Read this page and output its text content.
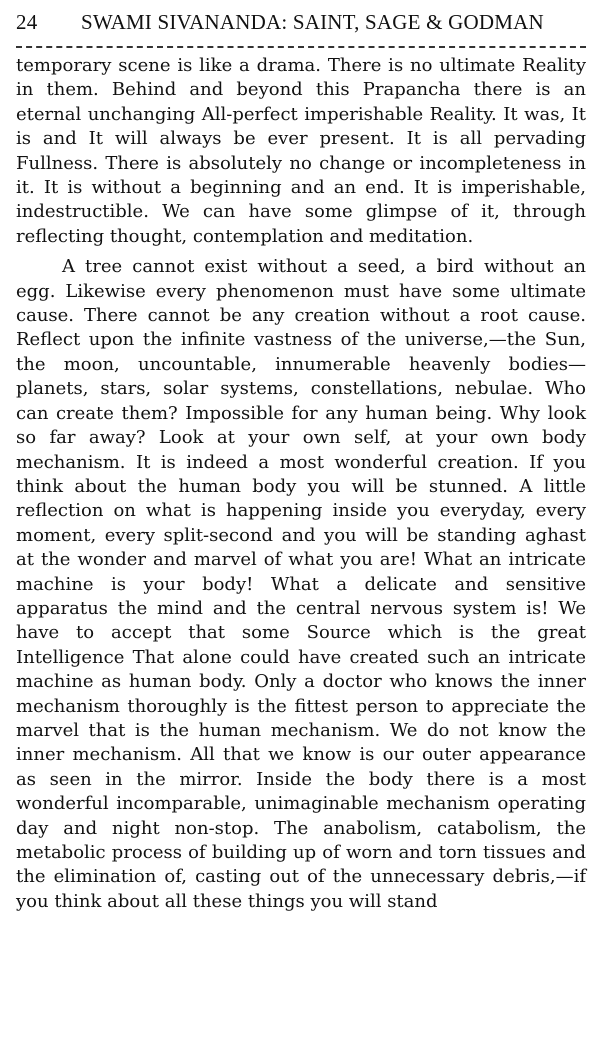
24 SWAMI SIVANANDA: SAINT, SAGE & GODMAN

temporary scene is like a drama. There is no ultimate Reality in them. Behind and beyond this Prapancha there is an eternal unchanging All-perfect imperishable Reality. It was, It is and It will always be ever present. It is all pervading Fullness. There is absolutely no change or incompleteness in it. It is without a beginning and an end. It is imperishable, indestructible. We can have some glimpse of it, through reflecting thought, contemplation and meditation.

A tree cannot exist without a seed, a bird without an egg. Likewise every phenomenon must have some ultimate cause. There cannot be any creation without a root cause. Reflect upon the infinite vastness of the universe,—the Sun, the moon, uncountable, innumerable heavenly bodies—planets, stars, solar systems, constellations, nebulae. Who can create them? Impossible for any human being. Why look so far away? Look at your own self, at your own body mechanism. It is indeed a most wonderful creation. If you think about the human body you will be stunned. A little reflection on what is happening inside you everyday, every moment, every split-second and you will be standing aghast at the wonder and marvel of what you are! What an intricate machine is your body! What a delicate and sensitive apparatus the mind and the central nervous system is! We have to accept that some Source which is the great Intelligence That alone could have created such an intricate machine as human body. Only a doctor who knows the inner mechanism thoroughly is the fittest person to appreciate the marvel that is the human mechanism. We do not know the inner mechanism. All that we know is our outer appearance as seen in the mirror. Inside the body there is a most wonderful incomparable, unimaginable mechanism operating day and night non-stop. The anabolism, catabolism, the metabolic process of building up of worn and torn tissues and the elimination of, casting out of the unnecessary debris,—if you think about all these things you will stand
